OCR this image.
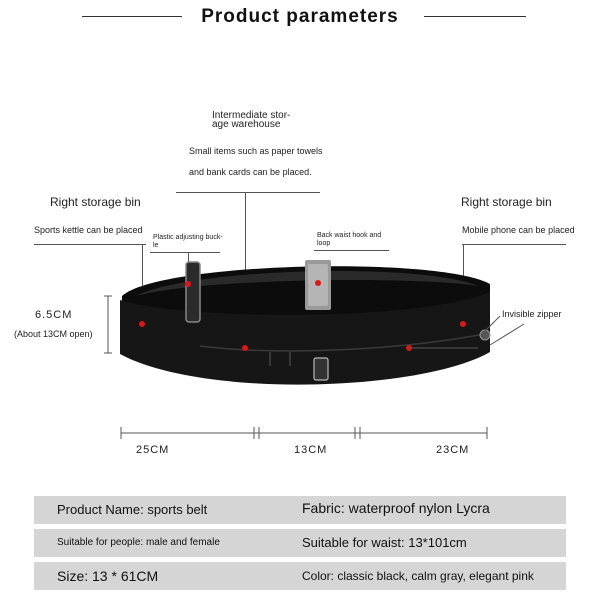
Product parameters
Intermediate stor-
age warehouse
Small items such as paper towels
and bank cards can be placed.
Right storage bin
Sports kettle can be placed
Plastic adjusting buck-
le
Back waist hook and
loop
Right storage bin
Mobile phone can be placed
Invisible zipper
6.5CM
(About 13CM open)
25CM	13CM	23CM
Product Name: sports belt	Fabric: waterproof nylon Lycra
Suitable for people: male and female	Suitable for waist: 13*101cm
Size: 13 * 61CM	Color: classic black, calm gray, elegant pink
